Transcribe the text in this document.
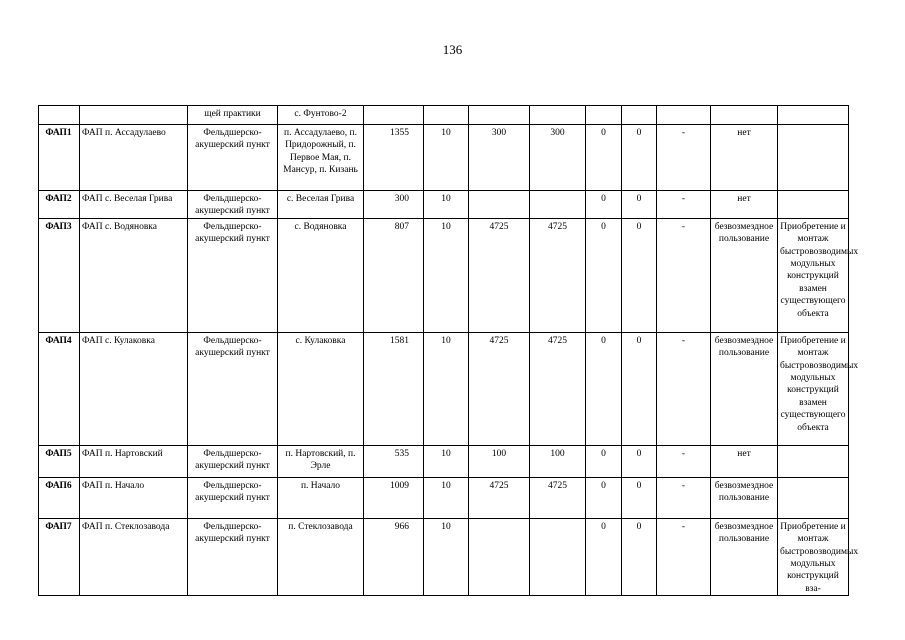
136
		щей практики	с. Фунтово-2									
ФАП1	ФАП п. Ассадулаево	Фельдшерско-акушерский пункт	п. Ассадулаево, п. Придорожный, п. Первое Мая, п. Мансур, п. Кизань	1355	10	300	300	0	0	-	нет	
ФАП2	ФАП с. Веселая Грива	Фельдшерско-акушерский пункт	с. Веселая Грива	300	10			0	0	-	нет	
ФАП3	ФАП с. Водяновка	Фельдшерско-акушерский пункт	с. Водяновка	807	10	4725	4725	0	0	-	безвозмездное пользование	Приобретение и монтаж быстровозводимых модульных конструкций взамен существующего объекта
ФАП4	ФАП с. Кулаковка	Фельдшерско-акушерский пункт	с. Кулаковка	1581	10	4725	4725	0	0	-	безвозмездное пользование	Приобретение и монтаж быстровозводимых модульных конструкций взамен существующего объекта
ФАП5	ФАП п. Нартовский	Фельдшерско-акушерский пункт	п. Нартовский, п. Эрле	535	10	100	100	0	0	-	нет	
ФАП6	ФАП п. Начало	Фельдшерско-акушерский пункт	п. Начало	1009	10	4725	4725	0	0	-	безвозмездное пользование	
ФАП7	ФАП п. Стеклозавода	Фельдшерско-акушерский пункт	п. Стеклозавода	966	10			0	0	-	безвозмездное пользование	Приобретение и монтаж быстровозводимых модульных конструкций вза-
